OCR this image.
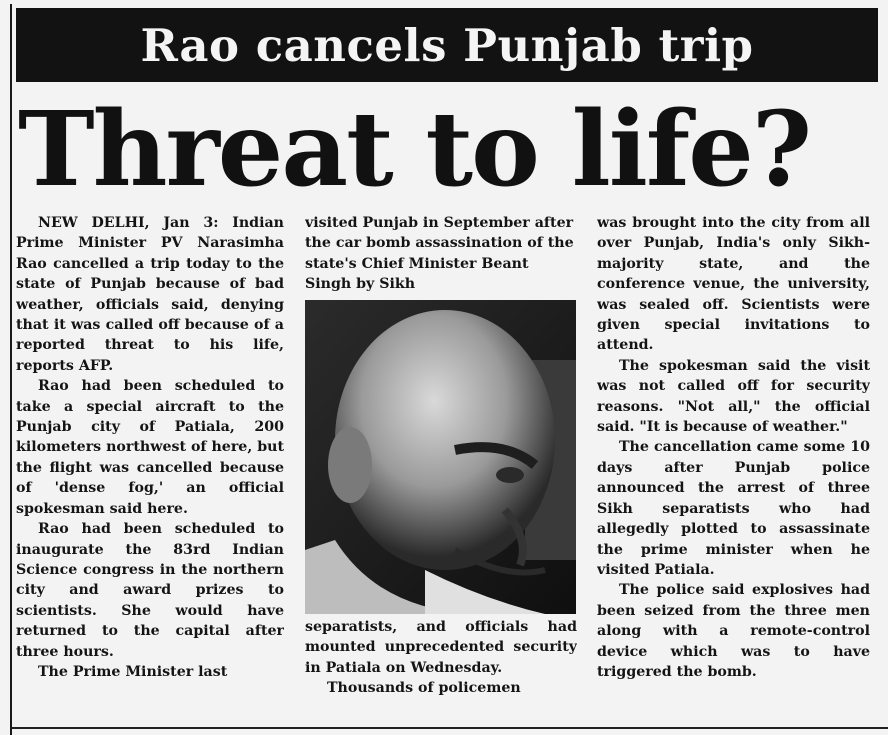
Rao cancels Punjab trip
Threat to life?

NEW DELHI, Jan 3: Indian Prime Minister PV Narasimha Rao cancelled a trip today to the state of Punjab because of bad weather, officials said, denying that it was called off because of a reported threat to his life, reports AFP.

Rao had been scheduled to take a special aircraft to the Punjab city of Patiala, 200 kilometers northwest of here, but the flight was cancelled because of 'dense fog,' an official spokesman said here.

Rao had been scheduled to inaugurate the 83rd Indian Science congress in the northern city and award prizes to scientists. She would have returned to the capital after three hours.

The Prime Minister last

visited Punjab in September after the car bomb assassination of the state's Chief Minister Beant Singh by Sikh

separatists, and officials had mounted unprecedented security in Patiala on Wednesday.

Thousands of policemen

was brought into the city from all over Punjab, India's only Sikh-majority state, and the conference venue, the university, was sealed off. Scientists were given special invitations to attend.

The spokesman said the visit was not called off for security reasons. "Not all," the official said. "It is because of weather."

The cancellation came some 10 days after Punjab police announced the arrest of three Sikh separatists who had allegedly plotted to assassinate the prime minister when he visited Patiala.

The police said explosives had been seized from the three men along with a remote-control device which was to have triggered the bomb.
